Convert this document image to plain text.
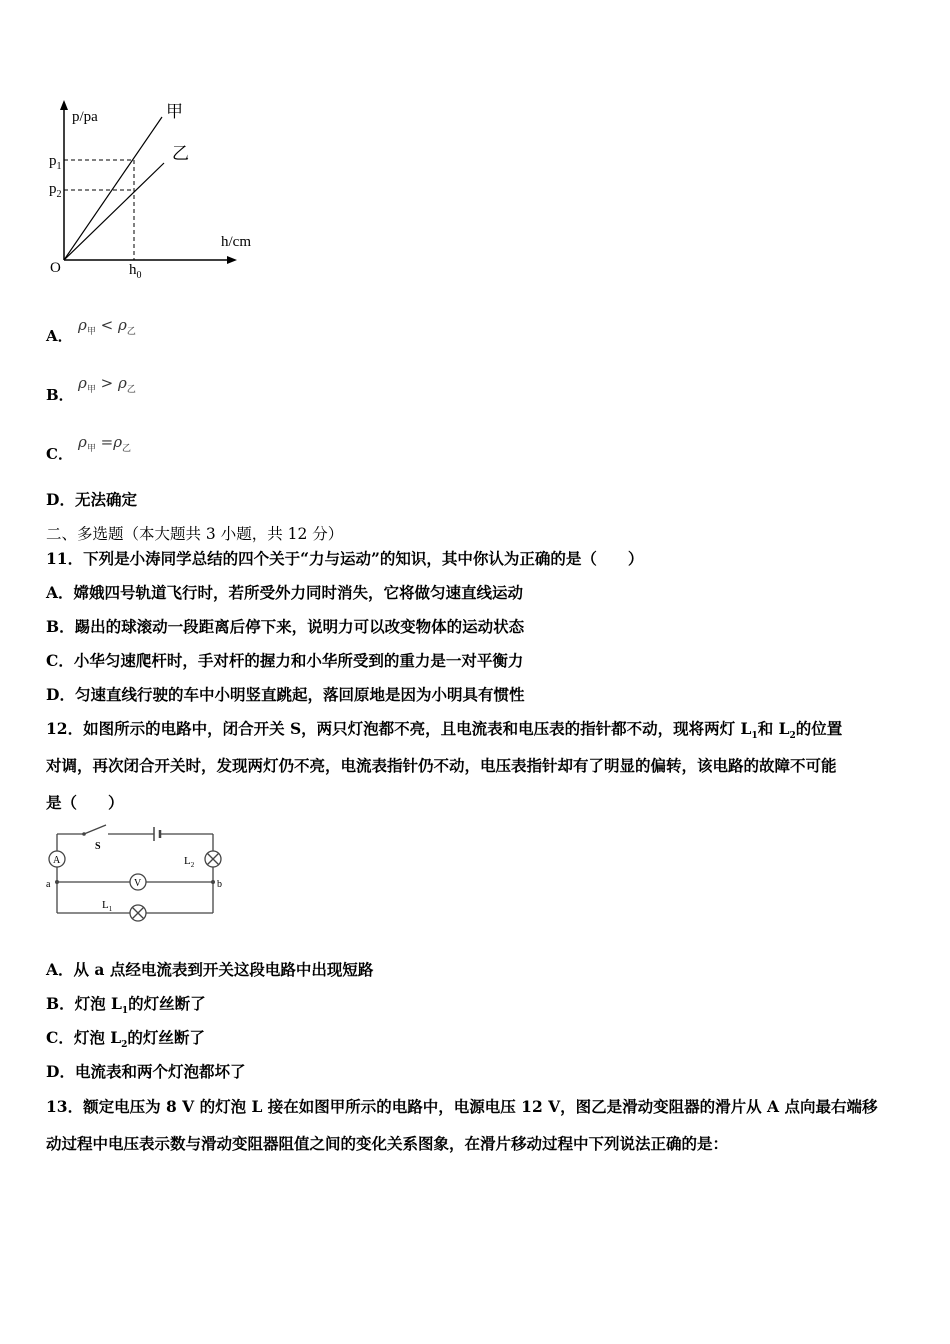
p/pa
h/cm
O
$p_1$
$p_2$
$h_0$
甲
乙
A．
$\rho_甲 < \rho_乙$
B．
$\rho_甲 > \rho_乙$
C．
$\rho_甲 =\rho_乙$
D．无法确定
二、多选题（本大题共 3 小题，共 12 分）
11．下列是小涛同学总结的四个关于“力与运动”的知识，其中你认为正确的是（　　）
A．嫦娥四号轨道飞行时，若所受外力同时消失，它将做匀速直线运动
B．踢出的球滚动一段距离后停下来，说明力可以改变物体的运动状态
C．小华匀速爬杆时，手对杆的握力和小华所受到的重力是一对平衡力
D．匀速直线行驶的车中小明竖直跳起，落回原地是因为小明具有惯性
12．如图所示的电路中，闭合开关 S，两只灯泡都不亮，且电流表和电压表的指针都不动，现将两灯 $L_1$和 $L_2$的位置
对调，再次闭合开关时，发现两灯仍不亮，电流表指针仍不动，电压表指针却有了明显的偏转，该电路的故障不可能
是（　　）
S
A
V
a	b
$L_1$
$L_2$
A．从 a 点经电流表到开关这段电路中出现短路
B．灯泡 $L_1$的灯丝断了
C．灯泡 $L_2$的灯丝断了
D．电流表和两个灯泡都坏了
13．额定电压为 8 V 的灯泡 L 接在如图甲所示的电路中，电源电压 12 V，图乙是滑动变阻器的滑片从 A 点向最右端移
动过程中电压表示数与滑动变阻器阻值之间的变化关系图象，在滑片移动过程中下列说法正确的是：
